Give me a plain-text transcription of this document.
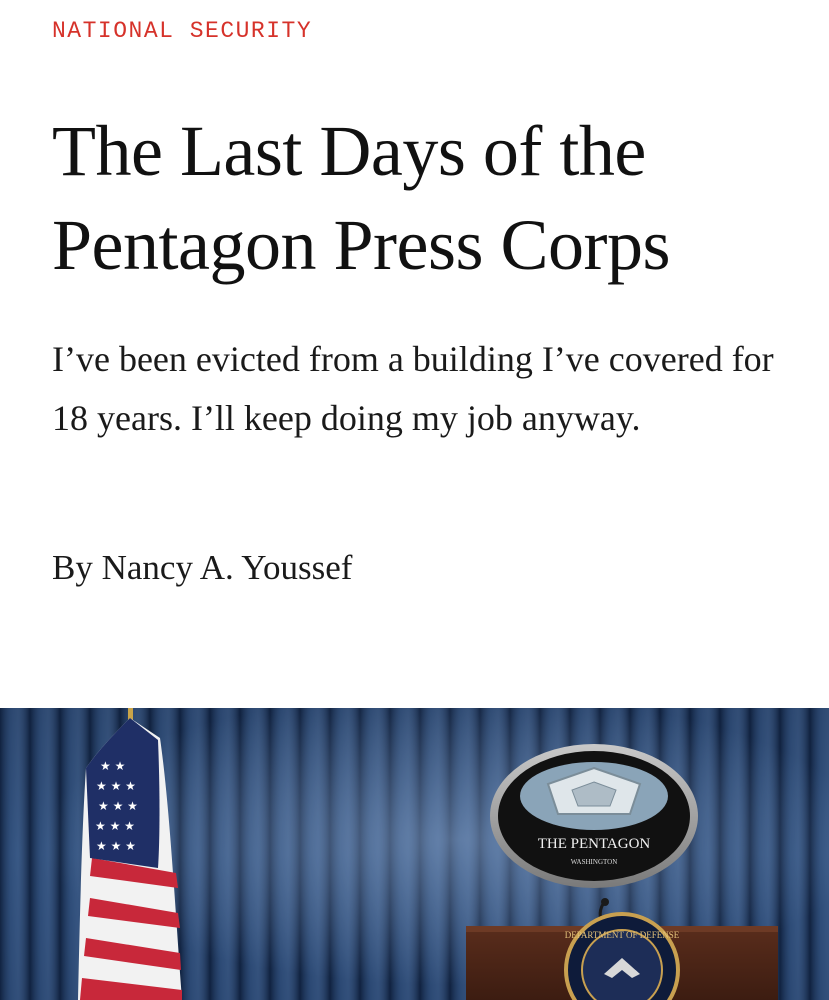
NATIONAL SECURITY
The Last Days of the Pentagon Press Corps

I’ve been evicted from a building I’ve covered for 18 years. I’ll keep doing my job anyway.

By Nancy A. Youssef

★ ★
★ ★ ★
★ ★ ★
★ ★ ★
★ ★ ★	THE PENTAGON
WASHINGTON
DEPARTMENT OF DEFENSE
